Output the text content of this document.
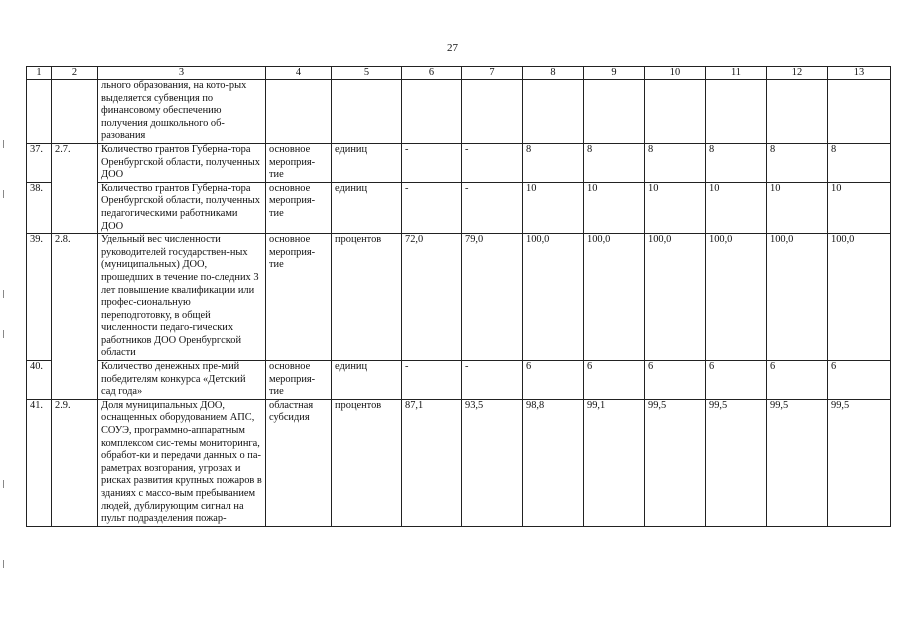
27
1	2	3	4	5	6	7	8	9	10	11	12	13
		льного образования, на кото-рых выделяется субвенция по финансовому обеспечению получения дошкольного об-разования										
37.	2.7.	Количество грантов Губерна-тора Оренбургской области, полученных ДОО	основное мероприя-тие	единиц	-	-	8	8	8	8	8	8
38.		Количество грантов Губерна-тора Оренбургской области, полученных педагогическими работниками ДОО	основное мероприя-тие	единиц	-	-	10	10	10	10	10	10
39.	2.8.	Удельный вес численности руководителей государствен-ных (муниципальных) ДОО, прошедших в течение по-следних 3 лет повышение квалификации или профес-сиональную переподготовку, в общей численности педаго-гических работников ДОО Оренбургской области	основное мероприя-тие	процентов	72,0	79,0	100,0	100,0	100,0	100,0	100,0	100,0
40.		Количество денежных пре-мий победителям конкурса «Детский сад года»	основное мероприя-тие	единиц	-	-	6	6	6	6	6	6
41.	2.9.	Доля муниципальных ДОО, оснащенных оборудованием АПС, СОУЭ, программно-аппаратным комплексом сис-темы мониторинга, обработ-ки и передачи данных о па-раметрах возгорания, угрозах и рисках развития крупных пожаров в зданиях с массо-вым пребыванием людей, дублирующим сигнал на пульт подразделения пожар-	областная субсидия	процентов	87,1	93,5	98,8	99,1	99,5	99,5	99,5	99,5
